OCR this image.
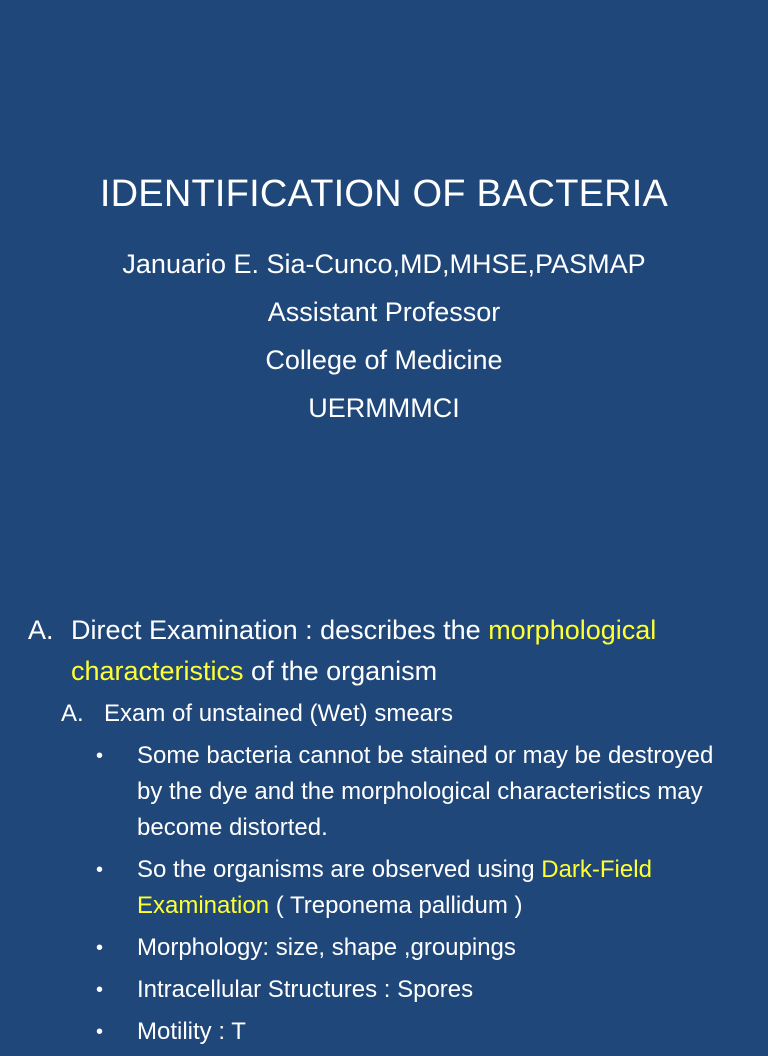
IDENTIFICATION OF BACTERIA
Januario E. Sia-Cunco,MD,MHSE,PASMAP
Assistant Professor
College of Medicine
UERMMMCI
A. Direct Examination : describes the morphological characteristics of the organism
A. Exam of unstained (Wet) smears
• Some bacteria cannot be stained or may be destroyed by the dye and the morphological characteristics may become distorted.
• So the organisms are observed using Dark-Field Examination ( Treponema pallidum )
• Morphology: size, shape ,groupings
• Intracellular Structures : Spores
• Motility : T
